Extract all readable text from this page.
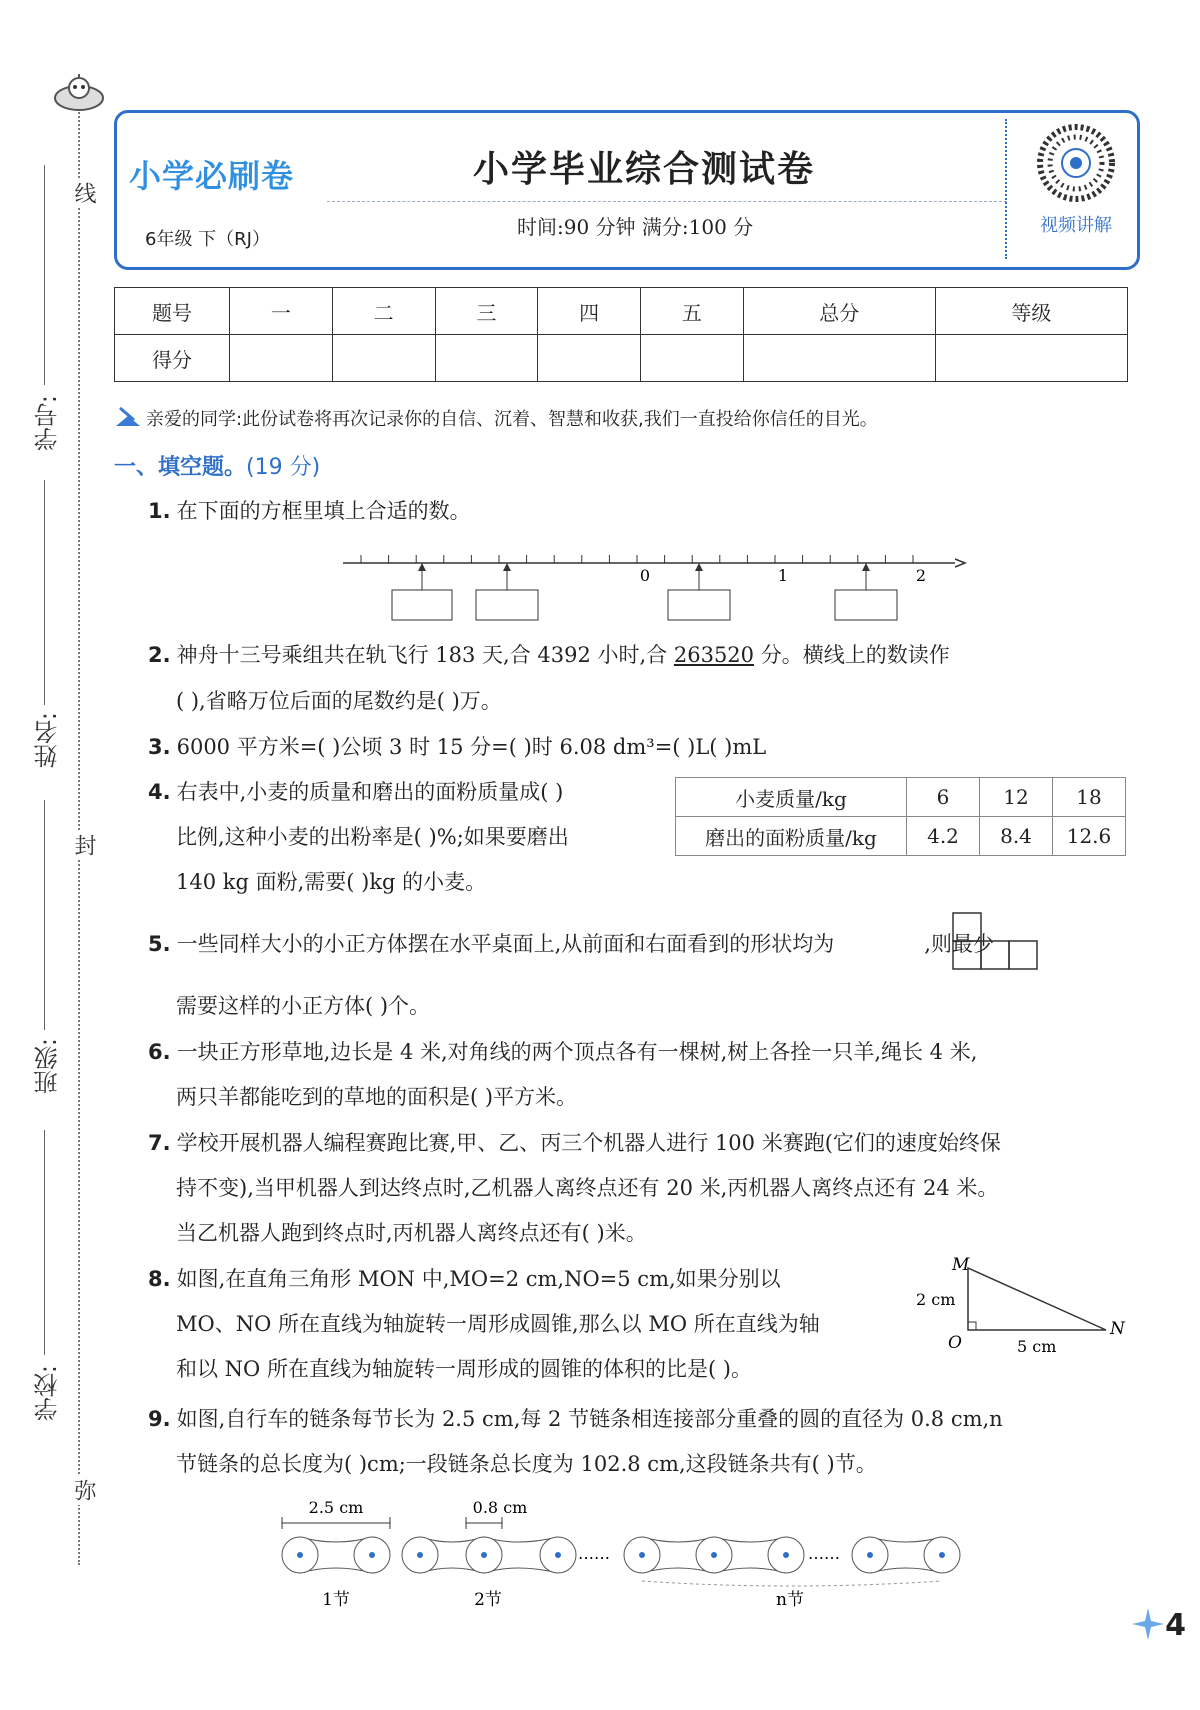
线
封
弥
学号:
姓名:
班级:
学校:
小学必刷卷
6年级 下（RJ）
小学毕业综合测试卷
时间:90 分钟 满分:100 分	视频讲解
题号	一	二	三	四	五	总分	等级
得分							
亲爱的同学:此份试卷将再次记录你的自信、沉着、智慧和收获,我们一直投给你信任的目光。
一、填空题。(19 分)
1. 在下面的方框里填上合适的数。
0	1	2
2. 神舟十三号乘组共在轨飞行 183 天,合 4392 小时,合 263520 分。横线上的数读作
( ),省略万位后面的尾数约是( )万。
3. 6000 平方米=( )公顷 3 时 15 分=( )时 6.08 dm³=( )L( )mL
4. 右表中,小麦的质量和磨出的面粉质量成( )
比例,这种小麦的出粉率是( )%;如果要磨出
140 kg 面粉,需要( )kg 的小麦。
小麦质量/kg	6	12	18
磨出的面粉质量/kg	4.2	8.4	12.6
5. 一些同样大小的小正方体摆在水平桌面上,从前面和右面看到的形状均为	,则最少
需要这样的小正方体( )个。
6. 一块正方形草地,边长是 4 米,对角线的两个顶点各有一棵树,树上各拴一只羊,绳长 4 米,
两只羊都能吃到的草地的面积是( )平方米。
7. 学校开展机器人编程赛跑比赛,甲、乙、丙三个机器人进行 100 米赛跑(它们的速度始终保
持不变),当甲机器人到达终点时,乙机器人离终点还有 20 米,丙机器人离终点还有 24 米。
当乙机器人跑到终点时,丙机器人离终点还有( )米。
8. 如图,在直角三角形 MON 中,MO=2 cm,NO=5 cm,如果分别以
MO、NO 所在直线为轴旋转一周形成圆锥,那么以 MO 所在直线为轴
和以 NO 所在直线为轴旋转一周形成的圆锥的体积的比是( )。
M
O
N
2 cm
5 cm
9. 如图,自行车的链条每节长为 2.5 cm,每 2 节链条相连接部分重叠的圆的直径为 0.8 cm,n
节链条的总长度为( )cm;一段链条总长度为 102.8 cm,这段链条共有( )节。
2.5 cm
1节
0.8 cm
2节
……	……
n节
4
